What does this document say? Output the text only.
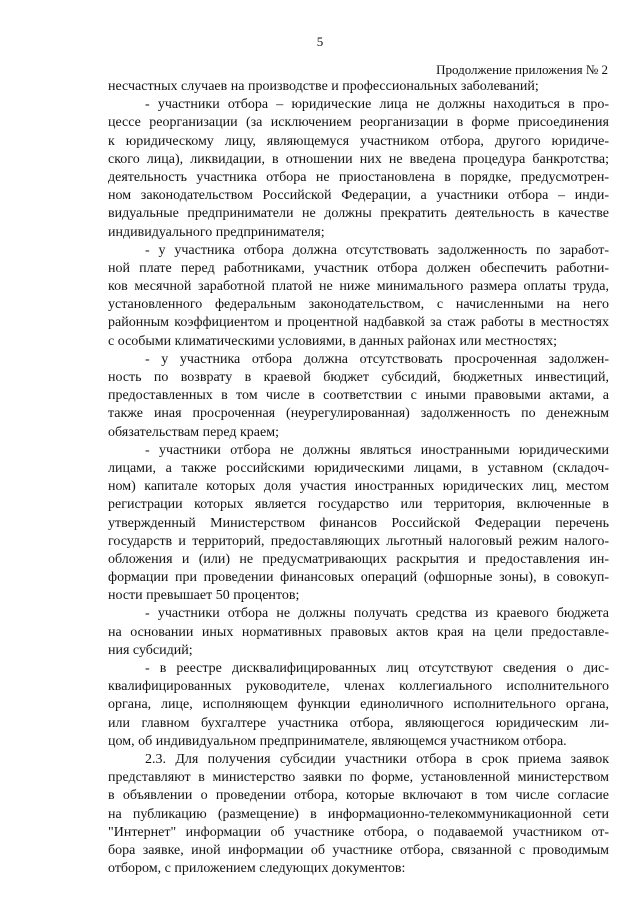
5
Продолжение приложения № 2
несчастных случаев на производстве и профессиональных заболеваний;
- участники отбора – юридические лица не должны находиться в про-
цессе реорганизации (за исключением реорганизации в форме присоединения
к юридическому лицу, являющемуся участником отбора, другого юридиче-
ского лица), ликвидации, в отношении них не введена процедура банкротства;
деятельность участника отбора не приостановлена в порядке, предусмотрен-
ном законодательством Российской Федерации, а участники отбора – инди-
видуальные предприниматели не должны прекратить деятельность в качестве
индивидуального предпринимателя;
- у участника отбора должна отсутствовать задолженность по заработ-
ной плате перед работниками, участник отбора должен обеспечить работни-
ков месячной заработной платой не ниже минимального размера оплаты труда,
установленного федеральным законодательством, с начисленными на него
районным коэффициентом и процентной надбавкой за стаж работы в местностях
с особыми климатическими условиями, в данных районах или местностях;
- у участника отбора должна отсутствовать просроченная задолжен-
ность по возврату в краевой бюджет субсидий, бюджетных инвестиций,
предоставленных в том числе в соответствии с иными правовыми актами, а
также иная просроченная (неурегулированная) задолженность по денежным
обязательствам перед краем;
- участники отбора не должны являться иностранными юридическими
лицами, а также российскими юридическими лицами, в уставном (складоч-
ном) капитале которых доля участия иностранных юридических лиц, местом
регистрации которых является государство или территория, включенные в
утвержденный Министерством финансов Российской Федерации перечень
государств и территорий, предоставляющих льготный налоговый режим налого-
обложения и (или) не предусматривающих раскрытия и предоставления ин-
формации при проведении финансовых операций (офшорные зоны), в совокуп-
ности превышает 50 процентов;
- участники отбора не должны получать средства из краевого бюджета
на основании иных нормативных правовых актов края на цели предоставле-
ния субсидий;
- в реестре дисквалифицированных лиц отсутствуют сведения о дис-
квалифицированных руководителе, членах коллегиального исполнительного
органа, лице, исполняющем функции единоличного исполнительного органа,
или главном бухгалтере участника отбора, являющегося юридическим ли-
цом, об индивидуальном предпринимателе, являющемся участником отбора.
2.3. Для получения субсидии участники отбора в срок приема заявок
представляют в министерство заявки по форме, установленной министерством
в объявлении о проведении отбора, которые включают в том числе согласие
на публикацию (размещение) в информационно-телекоммуникационной сети
"Интернет" информации об участнике отбора, о подаваемой участником от-
бора заявке, иной информации об участнике отбора, связанной с проводимым
отбором, с приложением следующих документов:
